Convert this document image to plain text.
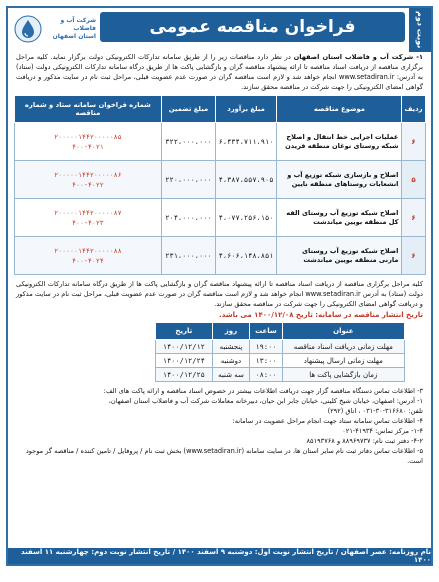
نوبت دوم
فراخوان مناقصه عمومی
شرکت آب و فاضلاب
استان اصفهان
۱- شرکت آب و فاضلاب استان اصفهان در نظر دارد مناقصات زیر را از طریق سامانه تدارکات الکترونیکی دولت برگزار نماید. کلیه مراحل برگزاری مناقصه از دریافت اسناد مناقصه تا ارائه پیشنهاد مناقصه گران و بازگشایی پاکت ها از طریق درگاه سامانه تدارکات الکترونیکی دولت (ستاد) به آدرس: www.setadiran.ir انجام خواهد شد و لازم است مناقصه گران در صورت عدم عضویت قبلی، مراحل ثبت نام در سایت مذکور و دریافت گواهی امضای الکترونیکی را جهت شرکت در مناقصه محقق سازند.
ردیف	موضوع مناقصه	مبلغ برآورد	مبلغ تضمین	شماره فراخوان سامانه ستاد و شماره مناقصه
۶	عملیات اجرایی خط انتقال و اصلاح شبکه روستای نوغان منطقه فریدن	۶،۴۳۴،۷۱۱،۹۱۰	۳۲۲،۰۰۰،۰۰۰	۲۰۰۰۰۰۱۴۴۲۰۰۰۰۰۸۵
۴۰۰-۴۰۲۱

۵	اصلاح و بازسازی شبکه توزیع آب و انشعابات روستاهای منطقه نایین	۴،۳۸۷،۵۵۷،۹۰۵	۲۲۰،۰۰۰،۰۰۰	۲۰۰۰۰۰۱۴۴۲۰۰۰۰۰۸۶
۴۰۰-۴۰۲۲

۶	اصلاح شبکه توزیع آب روستای الفه کل منطقه بویین میاندشت	۴،۰۷۷،۲۵۶،۱۵۰	۲۰۴،۰۰۰،۰۰۰	۲۰۰۰۰۰۱۴۴۲۰۰۰۰۰۸۷
۴۰۰-۴۰۲۳

۶	اصلاح شبکه توزیع آب روستای مارنی منطقه بویین میاندشت	۴،۶۰۶،۱۴۸،۸۵۱	۲۳۱،۰۰۰،۰۰۰	۲۰۰۰۰۰۱۴۴۲۰۰۰۰۰۸۸
۴۰۰-۴۰۲۴
کلیه مراحل برگزاری مناقصه از دریافت اسناد مناقصه تا ارائه پیشنهاد مناقصه گران و بازگشایی پاکت ها از طریق درگاه سامانه تدارکات الکترونیکی دولت (ستاد) به آدرس www.setadiran.ir انجام خواهد شد و لازم است مناقصه گران در صورت عدم عضویت قبلی، مراحل ثبت نام در سایت مذکور و دریافت گواهی امضای الکترونیکی را جهت شرکت در مناقصه محقق سازند.
تاریخ انتشار مناقصه در سامانه: تاریخ ۱۴۰۰/۱۲/۰۸ می باشد.
عنوان	ساعت	روز	تاریخ
مهلت زمانی دریافت اسناد مناقصه	۱۹:۰۰	پنجشنبه	۱۴۰۰/۱۲/۱۲
مهلت زمانی ارسال پیشنهاد	۱۳:۰۰	دوشنبه	۱۴۰۰/۱۲/۲۴
زمان بازگشایی پاکت ها	۰۸:۰۰	سه شنبه	۱۴۰۰/۱۲/۲۵
۳- اطلاعات تماس دستگاه مناقصه گزار جهت دریافت اطلاعات بیشتر در خصوص اسناد مناقصه و ارائه پاکت های الف:
۱- آدرس: اصفهان، خیابان شیخ کلینی، خیابان جابر ابن حیان، دبیرخانه معاملات شرکت آب و فاضلاب استان اصفهان،
تلفن: ۳۱۶۶۸۰-۳۰-۰۳۱ ، اتاق (۲۹۲)
۴- اطلاعات تماس سامانه ستاد جهت انجام مراحل عضویت در سامانه:
۱-۴- مرکز تماس: ۴۱۹۳۴-۰۲۱
۴-۲- دفتر ثبت نام: ۸۸۹۶۹۷۳۷ و ۸۵۱۹۳۷۶۸
۵- اطلاعات تماس دفاتر ثبت نام سایر استان ها، در سایت سامانه (www.setadiran.ir) بخش ثبت نام / پروفایل / تامین کننده / مناقصه گر موجود است.
نام روزنامه: عصر اصفهان / تاریخ انتشار نوبت اول: دوشنبه ۹ اسفند ۱۴۰۰ / تاریخ انتشار نوبت دوم: چهارشنبه ۱۱ اسفند ۱۴۰۰
